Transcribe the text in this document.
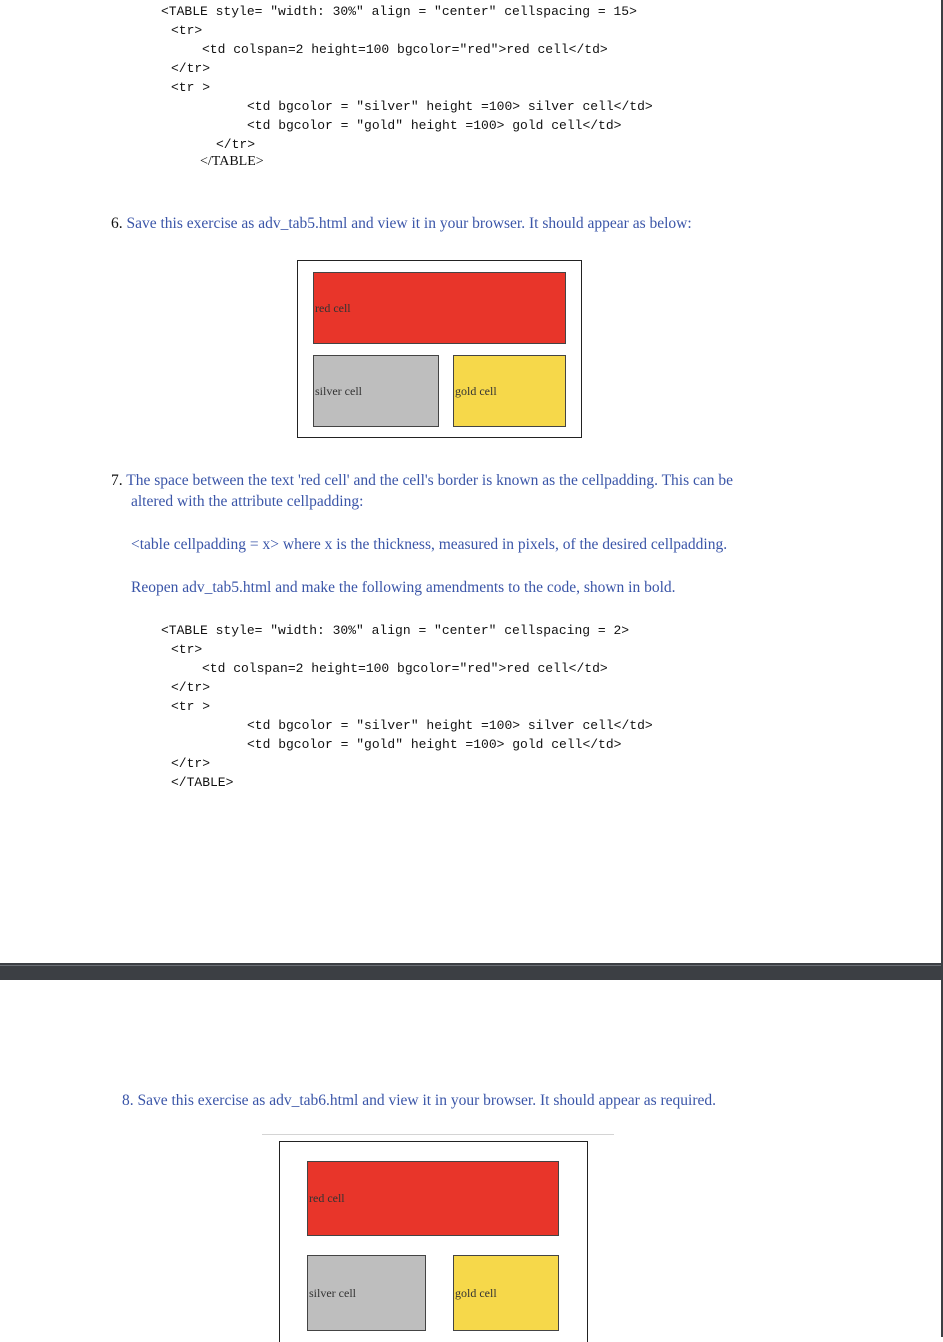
<TABLE style= "width: 30%" align = "center" cellspacing = 15>
<tr>
<td colspan=2 height=100 bgcolor="red">red cell</td>
</tr>
<tr >
<td bgcolor = "silver" height =100> silver cell</td>
<td bgcolor = "gold" height =100> gold cell</td>
</tr>
</TABLE>
6. Save this exercise as adv_tab5.html and view it in your browser. It should appear as below:
red cell
silver cell	gold cell
7. The space between the text 'red cell' and the cell's border is known as the cellpadding. This can be
altered with the attribute cellpadding:
<table cellpadding = x> where x is the thickness, measured in pixels, of the desired cellpadding.
Reopen adv_tab5.html and make the following amendments to the code, shown in bold.
<TABLE style= "width: 30%" align = "center" cellspacing = 2>
<tr>
<td colspan=2 height=100 bgcolor="red">red cell</td>
</tr>
<tr >
<td bgcolor = "silver" height =100> silver cell</td>
<td bgcolor = "gold" height =100> gold cell</td>
</tr>
</TABLE>
8. Save this exercise as adv_tab6.html and view it in your browser. It should appear as required.
red cell
silver cell	gold cell
